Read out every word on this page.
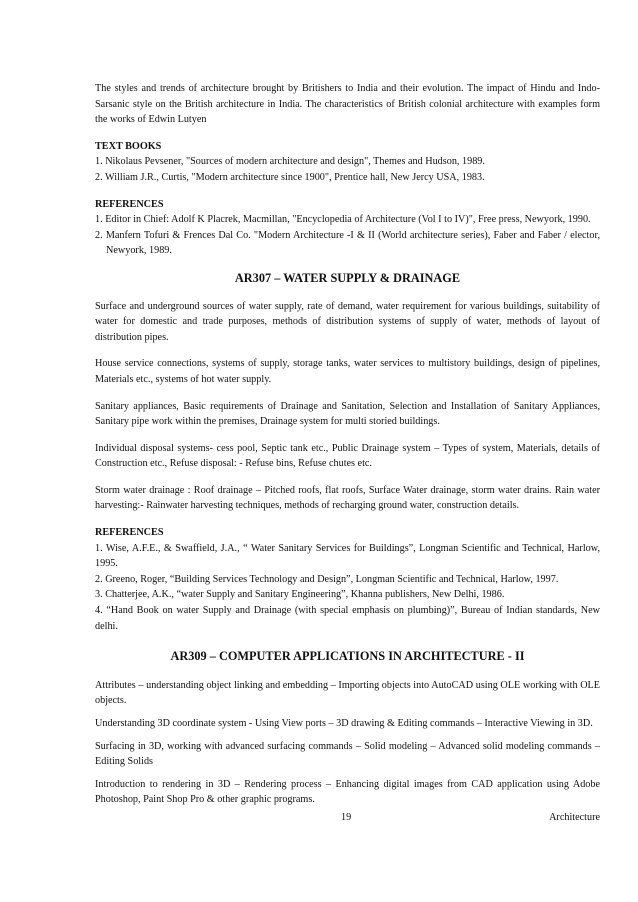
The styles and trends of architecture brought by Britishers to India and their evolution. The impact of Hindu and Indo-Sarsanic style on the British architecture in India. The characteristics of British colonial architecture with examples form the works of Edwin Lutyen

TEXT BOOKS

1. Nikolaus Pevsener, "Sources of modern architecture and design", Themes and Hudson, 1989.

2. William J.R., Curtis, "Modern architecture since 1900", Prentice hall, New Jercy USA, 1983.

REFERENCES

1. Editor in Chief: Adolf K Placrek, Macmillan, "Encyclopedia of Architecture (Vol I to IV)", Free press, Newyork, 1990.

2. Manfern Tofuri & Frences Dal Co. "Modern Architecture -I & II (World architecture series), Faber and Faber / elector, Newyork, 1989.

AR307 – WATER SUPPLY & DRAINAGE

Surface and underground sources of water supply, rate of demand, water requirement for various buildings, suitability of water for domestic and trade purposes, methods of distribution systems of supply of water, methods of layout of distribution pipes.

House service connections, systems of supply, storage tanks, water services to multistory buildings, design of pipelines, Materials etc., systems of hot water supply.

Sanitary appliances, Basic requirements of Drainage and Sanitation, Selection and Installation of Sanitary Appliances, Sanitary pipe work within the premises, Drainage system for multi storied buildings.

Individual disposal systems- cess pool, Septic tank etc., Public Drainage system – Types of system, Materials, details of Construction etc., Refuse disposal: - Refuse bins, Refuse chutes etc.

Storm water drainage : Roof drainage – Pitched roofs, flat roofs, Surface Water drainage, storm water drains. Rain water harvesting:- Rainwater harvesting techniques, methods of recharging ground water, construction details.

REFERENCES

1. Wise, A.F.E., & Swaffield, J.A., “ Water Sanitary Services for Buildings”, Longman Scientific and Technical, Harlow, 1995.

2. Greeno, Roger, “Building Services Technology and Design”, Longman Scientific and Technical, Harlow, 1997.

3. Chatterjee, A.K., “water Supply and Sanitary Engineering”, Khanna publishers, New Delhi, 1986.

4. “Hand Book on water Supply and Drainage (with special emphasis on plumbing)”, Bureau of Indian standards, New delhi.

AR309 – COMPUTER APPLICATIONS IN ARCHITECTURE - II

Attributes – understanding object linking and embedding – Importing objects into AutoCAD using OLE working with OLE objects.

Understanding 3D coordinate system - Using View ports – 3D drawing & Editing commands – Interactive Viewing in 3D.

Surfacing in 3D, working with advanced surfacing commands – Solid modeling – Advanced solid modeling commands – Editing Solids

Introduction to rendering in 3D – Rendering process – Enhancing digital images from CAD application using Adobe Photoshop, Paint Shop Pro & other graphic programs.

19	Architecture
